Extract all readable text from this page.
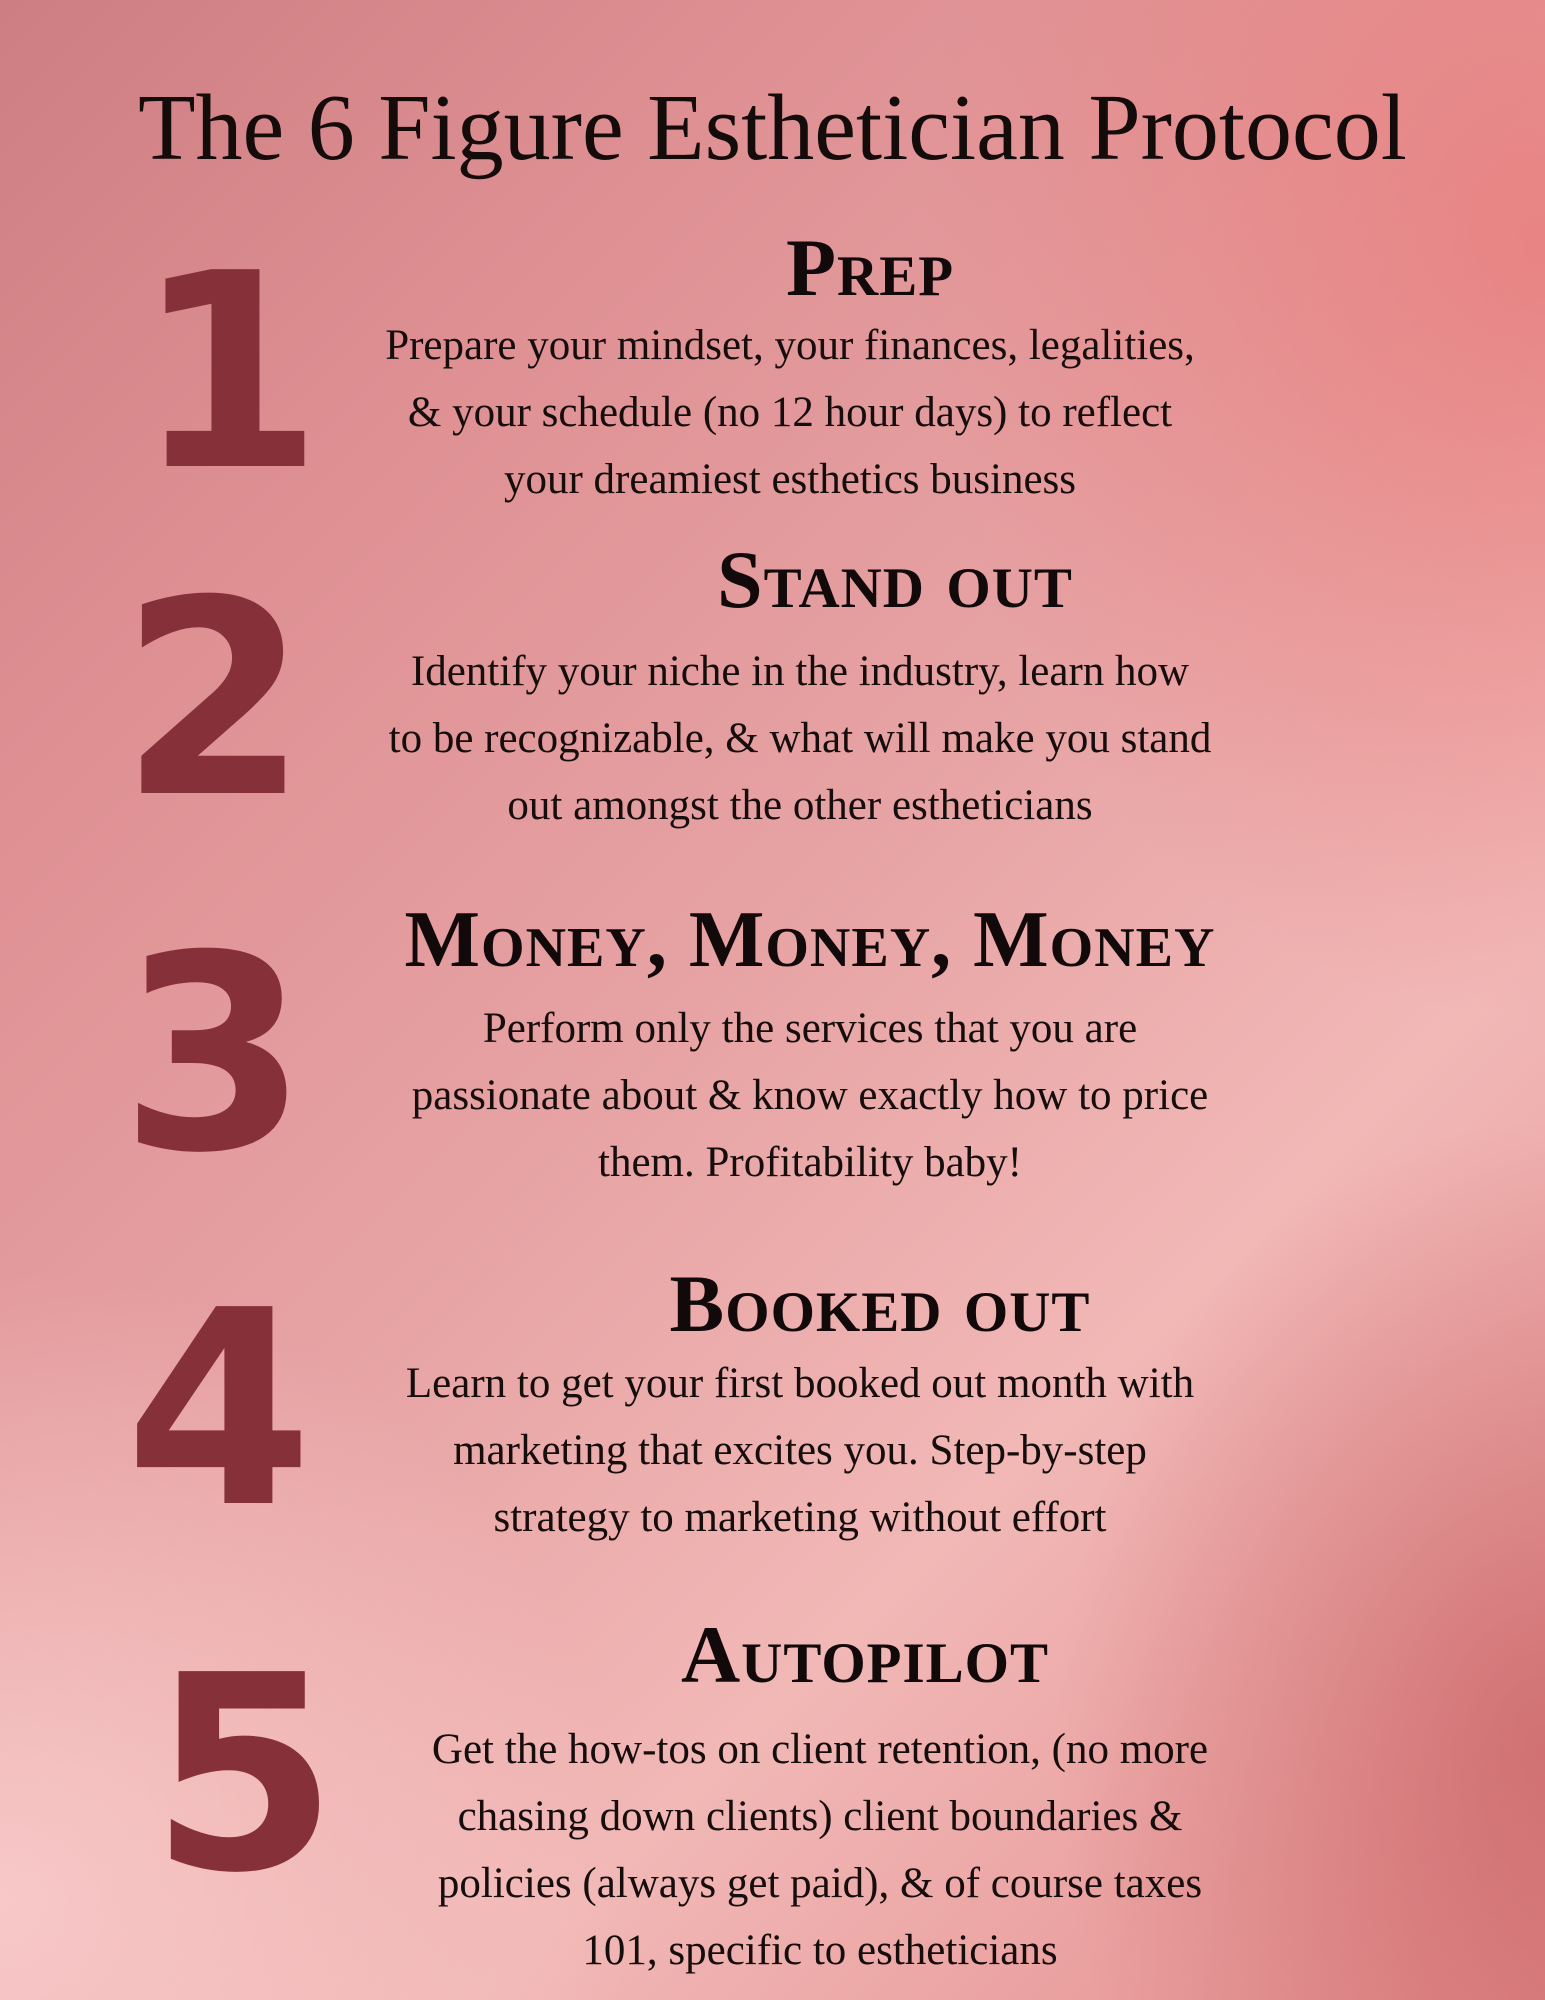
The 6 Figure Esthetician Protocol
1	Prep
Prepare your mindset, your finances, legalities,
& your schedule (no 12 hour days) to reflect
your dreamiest esthetics business
2	Stand out
Identify your niche in the industry, learn how
to be recognizable, & what will make you stand
out amongst the other estheticians
3	Money, Money, Money
Perform only the services that you are
passionate about & know exactly how to price
them. Profitability baby!
4	Booked out
Learn to get your first booked out month with
marketing that excites you. Step-by-step
strategy to marketing without effort
5	Autopilot
Get the how-tos on client retention, (no more
chasing down clients) client boundaries &
policies (always get paid), & of course taxes
101, specific to estheticians
